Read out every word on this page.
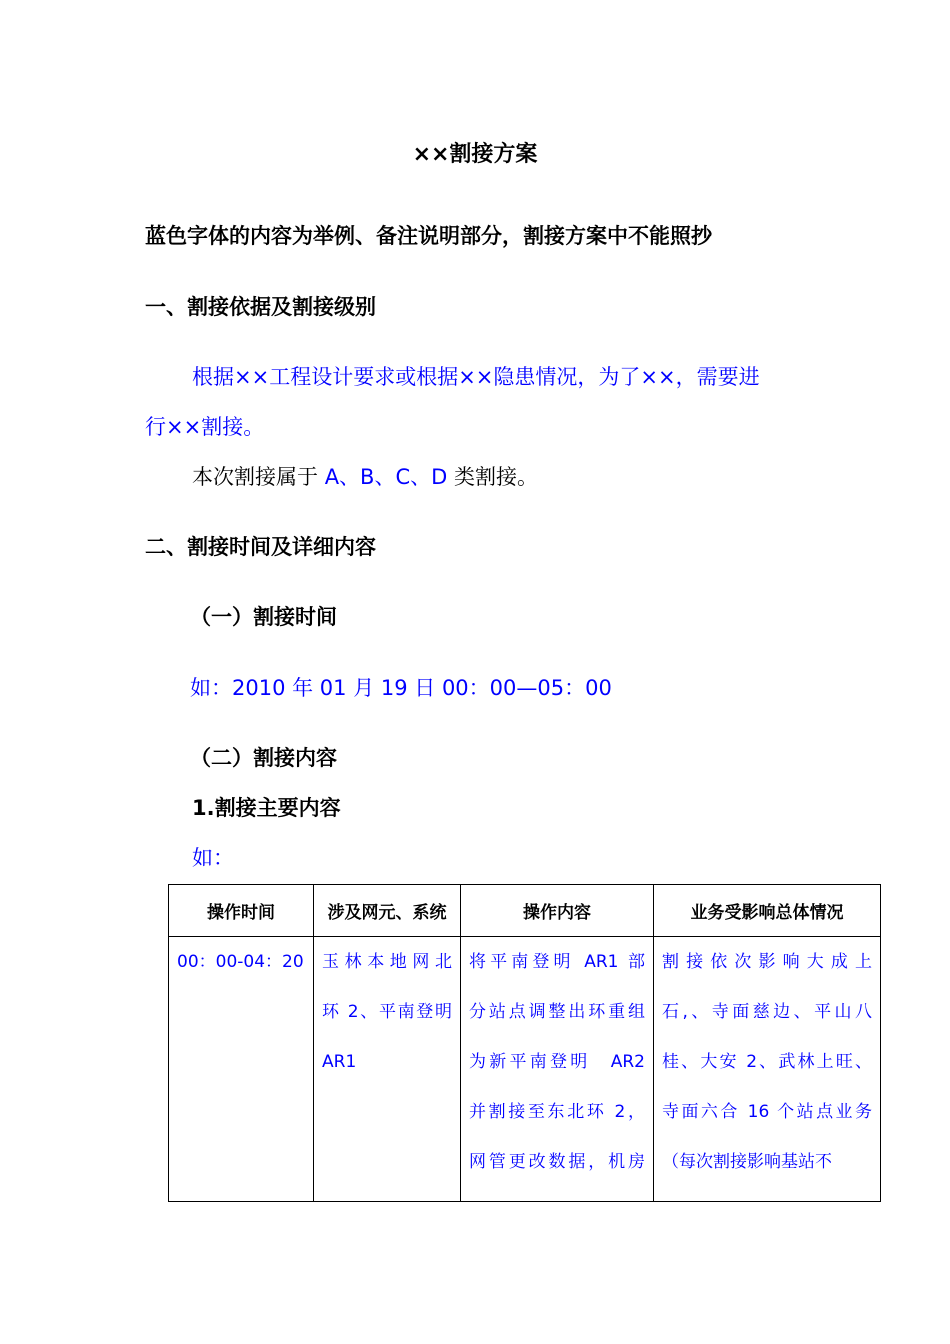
××割接方案
蓝色字体的内容为举例、备注说明部分，割接方案中不能照抄
一、割接依据及割接级别
根据××工程设计要求或根据××隐患情况，为了××，需要进
行××割接。
本次割接属于 A、B、C、D 类割接。
二、割接时间及详细内容
（一）割接时间
如：2010 年 01 月 19 日 00：00—05：00
（二）割接内容
1.割接主要内容
如：
操作时间	涉及网元、系统	操作内容	业务受影响总体情况

00：00-04：20	玉林本地网北
环 2、平南登明
AR1	将平南登明 AR1 部
分站点调整出环重组
为新平南登明　AR2
并割接至东北环 2，
网管更改数据，机房	割接依次影响大成上
石,、寺面慈边、平山八
桂、大安 2、武林上旺、
寺面六合 16 个站点业务
（每次割接影响基站不
